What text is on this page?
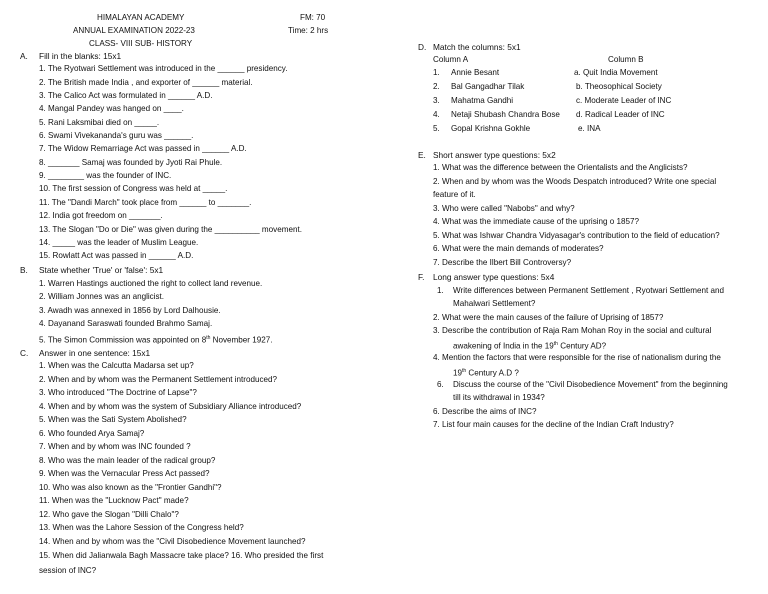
HIMALAYAN ACADEMY
ANNUAL EXAMINATION 2022-23
CLASS- VIII SUB- HISTORY
FM: 70
Time: 2 hrs
A. Fill in the blanks: 15x1
1. The Ryotwari Settlement was introduced in the ______ presidency.
2. The British made India , and exporter of ______ material.
3. The Calico Act was formulated in ______ A.D.
4. Mangal Pandey was hanged on ____.
5. Rani Laksmibai died on _____.
6. Swami Vivekananda's guru was ______.
7. The Widow Remarriage Act was passed in ______ A.D.
8. _______ Samaj was founded by Jyoti Rai Phule.
9. ________ was the founder of INC.
10. The first session of Congress was held at _____.
11. The "Dandi March" took place from ______ to _______.
12. India got freedom on _______.
13. The Slogan "Do or Die" was given during the __________ movement.
14. _____ was the leader of Muslim League.
15. Rowlatt Act was passed in ______ A.D.
B. State whether 'True' or 'false': 5x1
1. Warren Hastings auctioned the right to collect land revenue.
2. William Jonnes was an anglicist.
3. Awadh was annexed in 1856 by Lord Dalhousie.
4. Dayanand Saraswati founded Brahmo Samaj.
5. The Simon Commission was appointed on 8th November 1927.
C. Answer in one sentence: 15x1
1. When was the Calcutta Madarsa set up?
2. When and by whom was the Permanent Settlement introduced?
3. Who introduced "The Doctrine of Lapse"?
4. When and by whom was the system of Subsidiary Alliance introduced?
5. When was the Sati System Abolished?
6. Who founded Arya Samaj?
7. When and by whom was INC founded ?
8. Who was the main leader of the radical group?
9. When was the Vernacular Press Act passed?
10. Who was also known as the "Frontier Gandhi"?
11. When was the "Lucknow Pact" made?
12. Who gave the Slogan "Dilli Chalo"?
13. When was the Lahore Session of the Congress held?
14. When and by whom was the "Civil Disobedience Movement launched?
15. When did Jalianwala Bagh Massacre take place? 16. Who presided the first
session of INC?
D. Match the columns: 5x1
Column A	Column B
1. Annie Besant	a. Quit India Movement
2. Bal Gangadhar Tilak	b. Theosophical Society
3. Mahatma Gandhi	c. Moderate Leader of INC
4. Netaji Shubash Chandra Bose d. Radical Leader of INC
5. Gopal Krishna Gokhle	e. INA
E. Short answer type questions: 5x2
1. What was the difference between the Orientalists and the Anglicists?
2. When and by whom was the Woods Despatch introduced? Write one special
feature of it.
3. Who were called "Nabobs" and why?
4. What was the immediate cause of the uprising o 1857?
5. What was Ishwar Chandra Vidyasagar's contribution to the field of education?
6. What were the main demands of moderates?
7. Describe the Ilbert Bill Controversy?
F. Long answer type questions: 5x4
1. Write differences between Permanent Settlement , Ryotwari Settlement and
Mahalwari Settlement?
2. What were the main causes of the failure of Uprising of 1857?
3. Describe the contribution of Raja Ram Mohan Roy in the social and cultural
awakening of India in the 19th Century AD?
4. Mention the factors that were responsible for the rise of nationalism during the
19th Century A.D ?
6. Discuss the course of the "Civil Disobedience Movement" from the beginning
till its withdrawal in 1934?
6. Describe the aims of INC?
7. List four main causes for the decline of the Indian Craft Industry?
